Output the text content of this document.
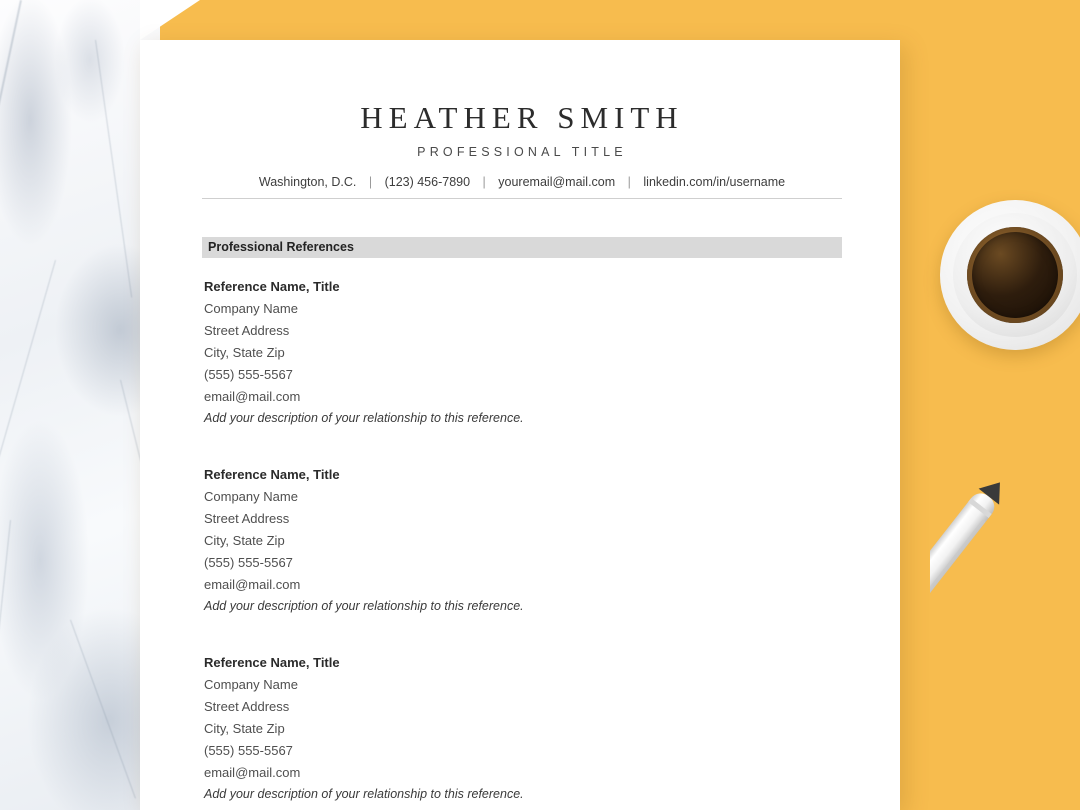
HEATHER SMITH
PROFESSIONAL TITLE
Washington, D.C. | (123) 456-7890 | youremail@mail.com | linkedin.com/in/username
Professional References
Reference Name, Title
Company Name
Street Address
City, State Zip
(555) 555-5567
email@mail.com
Add your description of your relationship to this reference.
Reference Name, Title
Company Name
Street Address
City, State Zip
(555) 555-5567
email@mail.com
Add your description of your relationship to this reference.
Reference Name, Title
Company Name
Street Address
City, State Zip
(555) 555-5567
email@mail.com
Add your description of your relationship to this reference.
